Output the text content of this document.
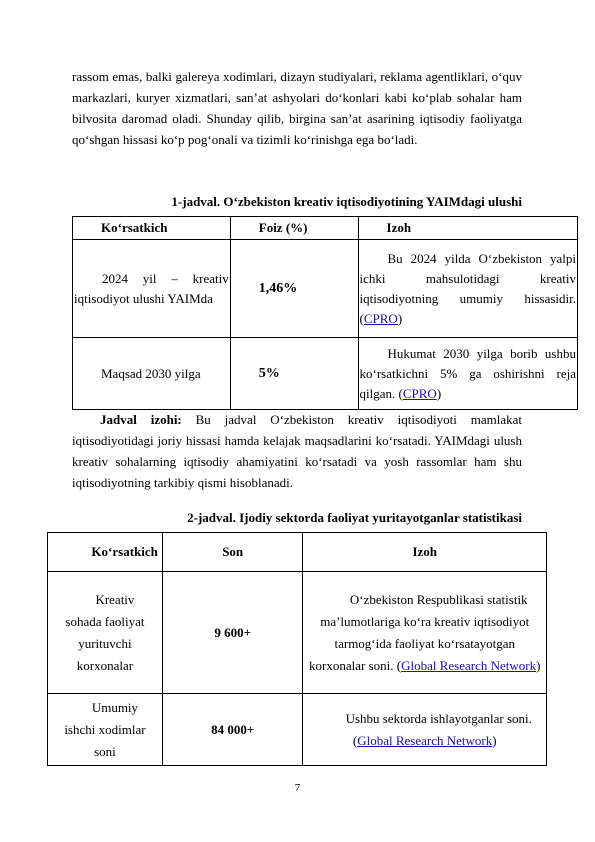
rassom emas, balki galereya xodimlari, dizayn studiyalari, reklama agentliklari, o‘quv markazlari, kuryer xizmatlari, san’at ashyolari do‘konlari kabi ko‘plab sohalar ham bilvosita daromad oladi. Shunday qilib, birgina san’at asarining iqtisodiy faoliyatga qo‘shgan hissasi ko‘p pog‘onali va tizimli ko‘rinishga ega bo‘ladi.

1-jadval. O‘zbekiston kreativ iqtisodiyotining YAIMdagi ulushi
Ko‘rsatkich	Foiz (%)	Izoh

2024 yil – kreativ iqtisodiyot ulushi YAIMda	1,46%	Bu 2024 yilda O‘zbekiston yalpi ichki mahsulotidagi kreativ iqtisodiyotning umumiy hissasidir. (CPRO)

Maqsad 2030 yilga	5%	Hukumat 2030 yilga borib ushbu ko‘rsatkichni 5% ga oshirishni reja qilgan. (CPRO)

Jadval izohi: Bu jadval O‘zbekiston kreativ iqtisodiyoti mamlakat iqtisodiyotidagi joriy hissasi hamda kelajak maqsadlarini ko‘rsatadi. YAIMdagi ulush kreativ sohalarning iqtisodiy ahamiyatini ko‘rsatadi va yosh rassomlar ham shu iqtisodiyotning tarkibiy qismi hisoblanadi.

2-jadval. Ijodiy sektorda faoliyat yuritayotganlar statistikasi
Ko‘rsatkich	Son	Izoh

Kreativ sohada faoliyat yurituvchi korxonalar	9 600+	O‘zbekiston Respublikasi statistik ma’lumotlariga ko‘ra kreativ iqtisodiyot tarmog‘ida faoliyat ko‘rsatayotgan korxonalar soni. (Global Research Network)

Umumiy ishchi xodimlar soni	84 000+	Ushbu sektorda ishlayotganlar soni. (Global Research Network)
7
